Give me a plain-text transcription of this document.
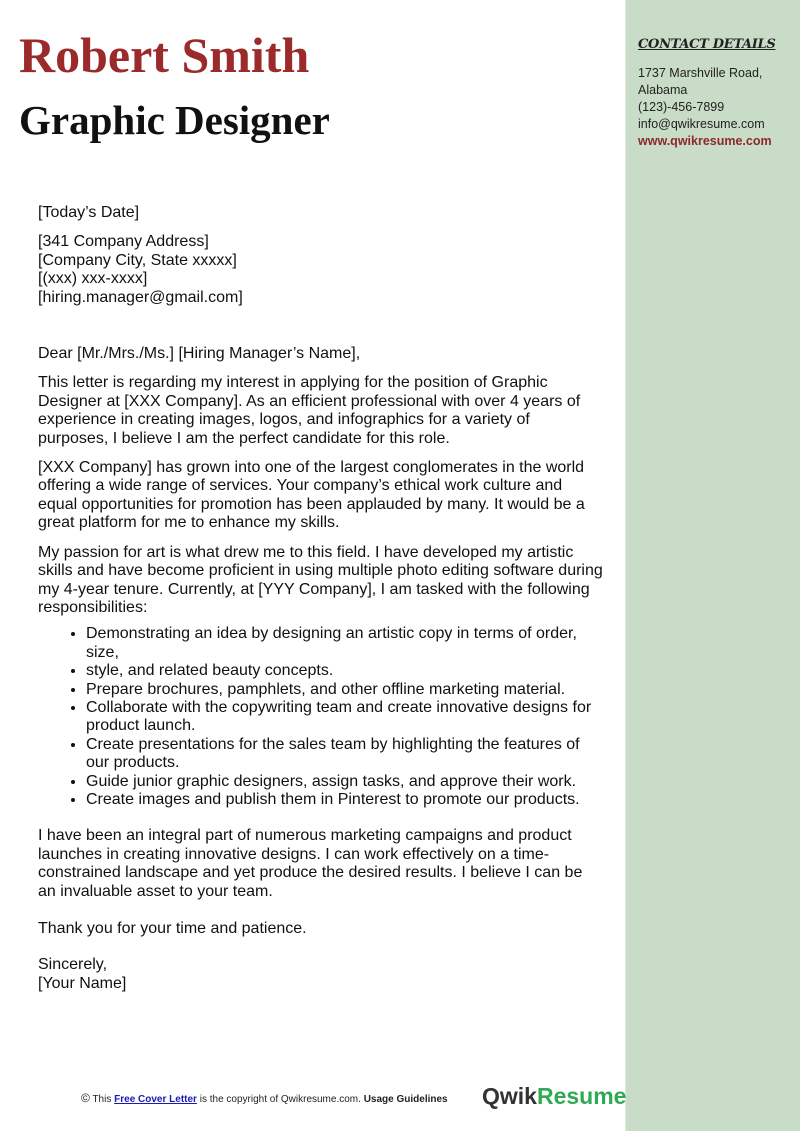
Robert Smith
Graphic Designer
CONTACT DETAILS
1737 Marshville Road,
Alabama
(123)-456-7899
info@qwikresume.com
www.qwikresume.com

[Today’s Date]

[341 Company Address]
[Company City, State xxxxx]
[(xxx) xxx-xxxx]
[hiring.manager@gmail.com]

Dear [Mr./Mrs./Ms.] [Hiring Manager’s Name],

This letter is regarding my interest in applying for the position of Graphic Designer at [XXX Company]. As an efficient professional with over 4 years of experience in creating images, logos, and infographics for a variety of purposes, I believe I am the perfect candidate for this role.

[XXX Company] has grown into one of the largest conglomerates in the world offering a wide range of services. Your company’s ethical work culture and equal opportunities for promotion has been applauded by many. It would be a great platform for me to enhance my skills.

My passion for art is what drew me to this field. I have developed my artistic skills and have become proficient in using multiple photo editing software during my 4-year tenure. Currently, at [YYY Company], I am tasked with the following responsibilities:

• Demonstrating an idea by designing an artistic copy in terms of order, size,
• style, and related beauty concepts.
• Prepare brochures, pamphlets, and other offline marketing material.
• Collaborate with the copywriting team and create innovative designs for product launch.
• Create presentations for the sales team by highlighting the features of our products.
• Guide junior graphic designers, assign tasks, and approve their work.
• Create images and publish them in Pinterest to promote our products.

I have been an integral part of numerous marketing campaigns and product launches in creating innovative designs. I can work effectively on a time-constrained landscape and yet produce the desired results. I believe I can be an invaluable asset to your team.

Thank you for your time and patience.

Sincerely,
[Your Name]

© This Free Cover Letter is the copyright of Qwikresume.com. Usage Guidelines QwikResume
